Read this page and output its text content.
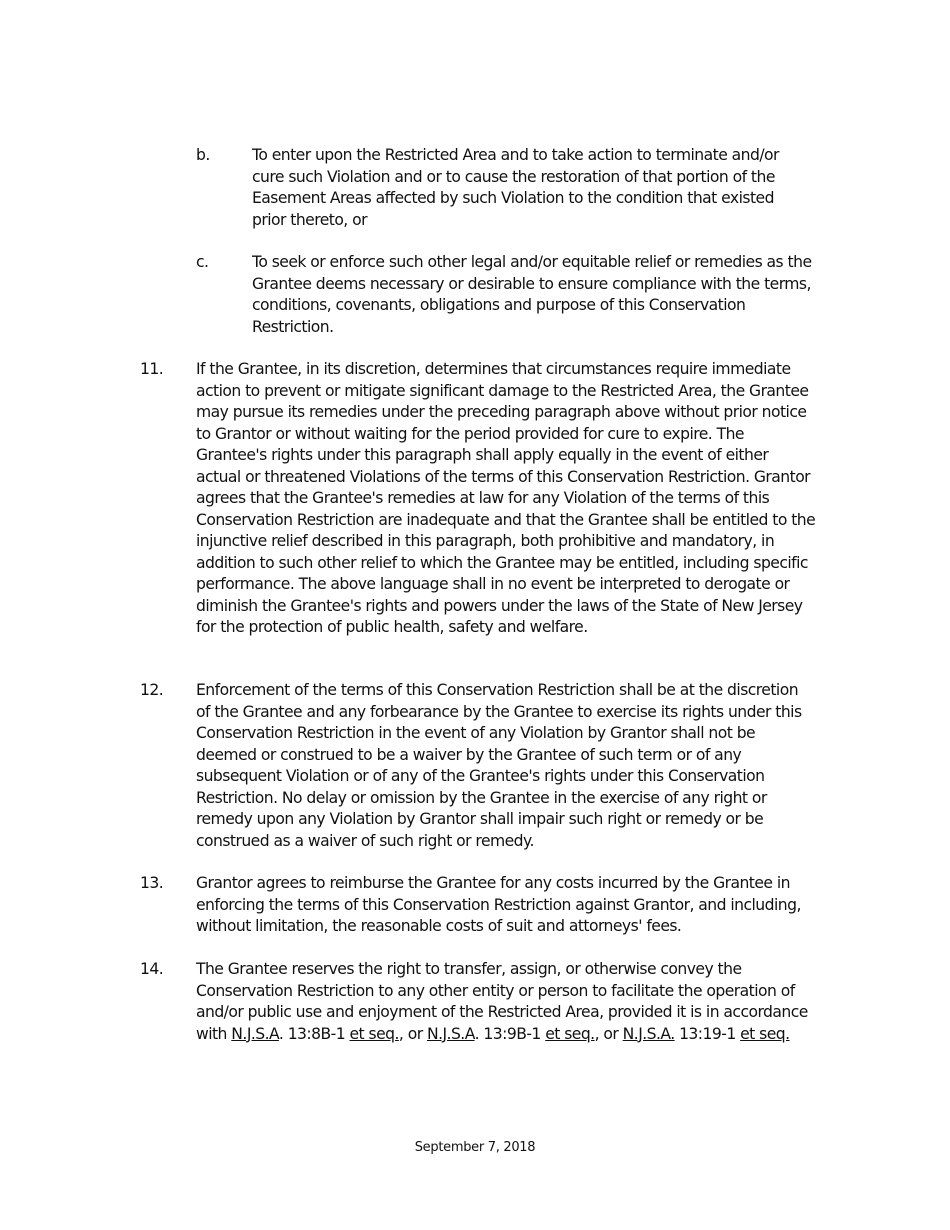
b.	To enter upon the Restricted Area and to take action to terminate and/or cure such Violation and or to cause the restoration of that portion of the Easement Areas affected by such Violation to the condition that existed prior thereto, or
c.	To seek or enforce such other legal and/or equitable relief or remedies as the Grantee deems necessary or desirable to ensure compliance with the terms, conditions, covenants, obligations and purpose of this Conservation Restriction.
11. If the Grantee, in its discretion, determines that circumstances require immediate action to prevent or mitigate significant damage to the Restricted Area, the Grantee may pursue its remedies under the preceding paragraph above without prior notice to Grantor or without waiting for the period provided for cure to expire. The Grantee's rights under this paragraph shall apply equally in the event of either actual or threatened Violations of the terms of this Conservation Restriction. Grantor agrees that the Grantee's remedies at law for any Violation of the terms of this Conservation Restriction are inadequate and that the Grantee shall be entitled to the injunctive relief described in this paragraph, both prohibitive and mandatory, in addition to such other relief to which the Grantee may be entitled, including specific performance. The above language shall in no event be interpreted to derogate or diminish the Grantee's rights and powers under the laws of the State of New Jersey for the protection of public health, safety and welfare.
12. Enforcement of the terms of this Conservation Restriction shall be at the discretion of the Grantee and any forbearance by the Grantee to exercise its rights under this Conservation Restriction in the event of any Violation by Grantor shall not be deemed or construed to be a waiver by the Grantee of such term or of any subsequent Violation or of any of the Grantee's rights under this Conservation Restriction. No delay or omission by the Grantee in the exercise of any right or remedy upon any Violation by Grantor shall impair such right or remedy or be construed as a waiver of such right or remedy.
13. Grantor agrees to reimburse the Grantee for any costs incurred by the Grantee in enforcing the terms of this Conservation Restriction against Grantor, and including, without limitation, the reasonable costs of suit and attorneys' fees.
14. The Grantee reserves the right to transfer, assign, or otherwise convey the Conservation Restriction to any other entity or person to facilitate the operation of and/or public use and enjoyment of the Restricted Area, provided it is in accordance with N.J.S.A. 13:8B-1 et seq., or N.J.S.A. 13:9B-1 et seq., or N.J.S.A. 13:19-1 et seq.
September 7, 2018
